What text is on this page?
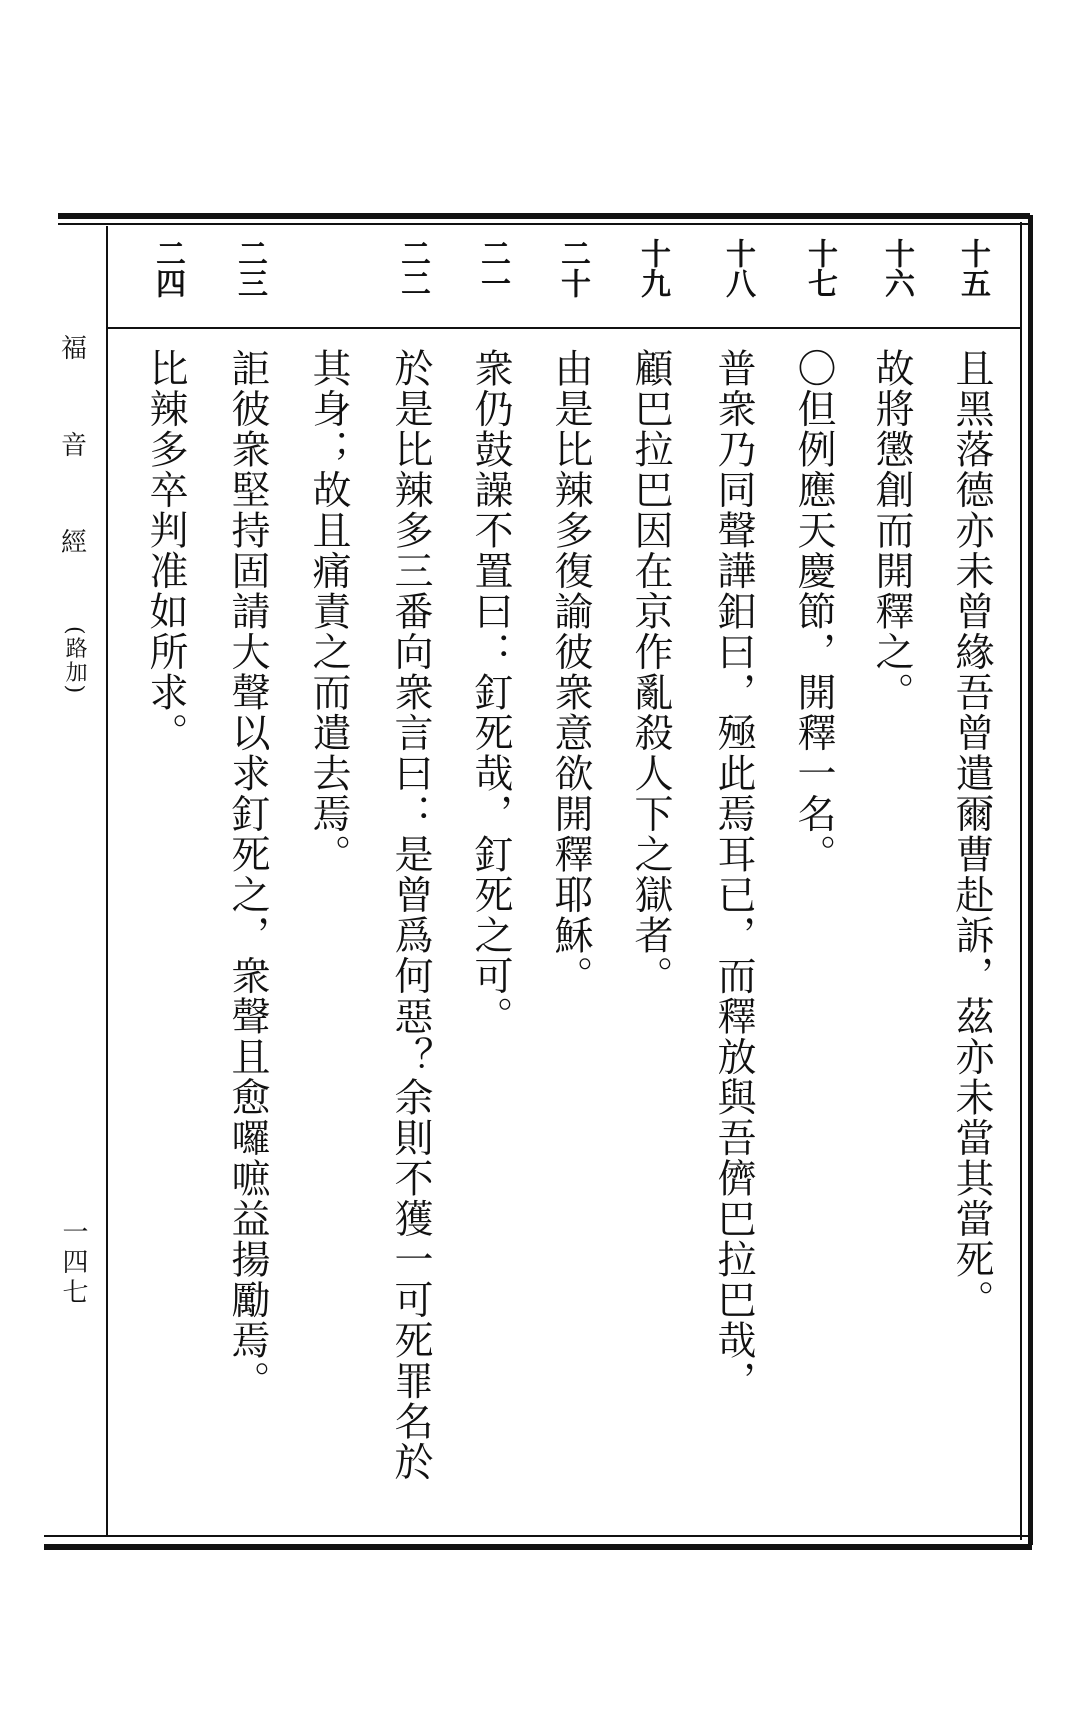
福
音
經
(路加)
一四七
十五
十六
十七
十八
十九
二十
二一
二二
二三
二四
且黑落德亦未曾緣吾曾遣爾曹赴訴，茲亦未當其當死。
故將懲創而開釋之。
〇但例應天慶節，開釋一名。
普衆乃同聲譁鈤曰，殛此焉耳已，而釋放與吾儕巴拉巴哉，
顧巴拉巴因在京作亂殺人下之獄者。
由是比辣多復諭彼衆意欲開釋耶穌。
衆仍鼓譟不置曰：釘死哉，釘死之可。
於是比辣多三番向衆言曰：是曾爲何惡？余則不獲一可死罪名於
其身；故且痛責之而遣去焉。
詎彼衆堅持固請大聲以求釘死之，衆聲且愈囉嗻益揚勵焉。
比辣多卒判准如所求。
